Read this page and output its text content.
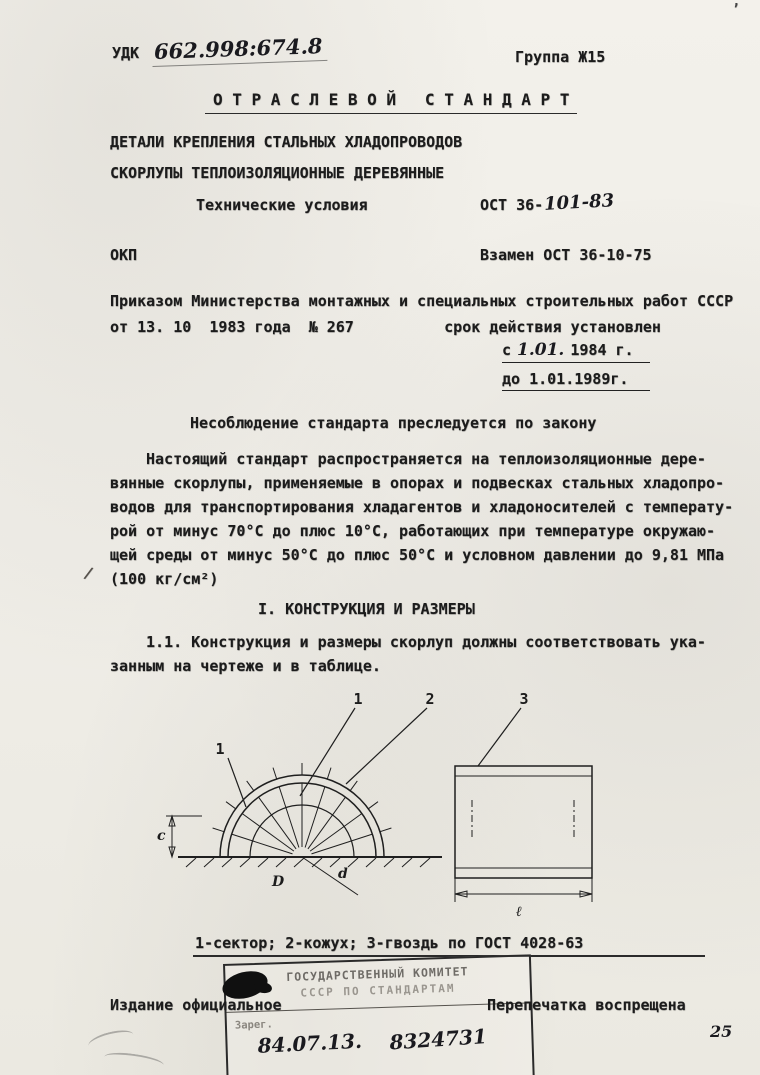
’
УДК 662.998:674.8	Группа Ж15
О Т Р А С Л Е В О Й   С Т А Н Д А Р Т
ДЕТАЛИ КРЕПЛЕНИЯ СТАЛЬНЫХ ХЛАДОПРОВОДОВ
СКОРЛУПЫ ТЕПЛОИЗОЛЯЦИОННЫЕ ДЕРЕВЯННЫЕ
Технические условия	ОСТ 36- 101-83
ОКП	Взамен ОСТ 36-10-75
Приказом Министерства монтажных и специальных строительных работ СССР
от 13. 10  1983 года  № 267          срок действия установлен
с 1.01. 1984 г.
до 1.01.1989г.
Несоблюдение стандарта преследуется по закону
Настоящий стандарт распространяется на теплоизоляционные дере-
вянные скорлупы, применяемые в опорах и подвесках стальных хладопро-
водов для транспортирования хладагентов и хладоносителей с температу-
рой от минус 70°С до плюс 10°С, работающих при температуре окружаю-
щей среды от минус 50°С до плюс 50°С и условном давлении до 9,81 МПа
(100 кг/см²)
/
I. КОНСТРУКЦИЯ И РАЗМЕРЫ
1.1. Конструкция и размеры скорлуп должны соответствовать ука-
занным на чертеже и в таблице.
1
1	2	3
с
D	d
ℓ
1-сектор; 2-кожух; 3-гвоздь по ГОСТ 4028-63
ГОСУДАРСТВЕННЫЙ КОМИТЕТ
СССР ПО СТАНДАРТАМ
Зарег.
84.07.13. 8324731
Издание официальное	Перепечатка воспрещена
25
